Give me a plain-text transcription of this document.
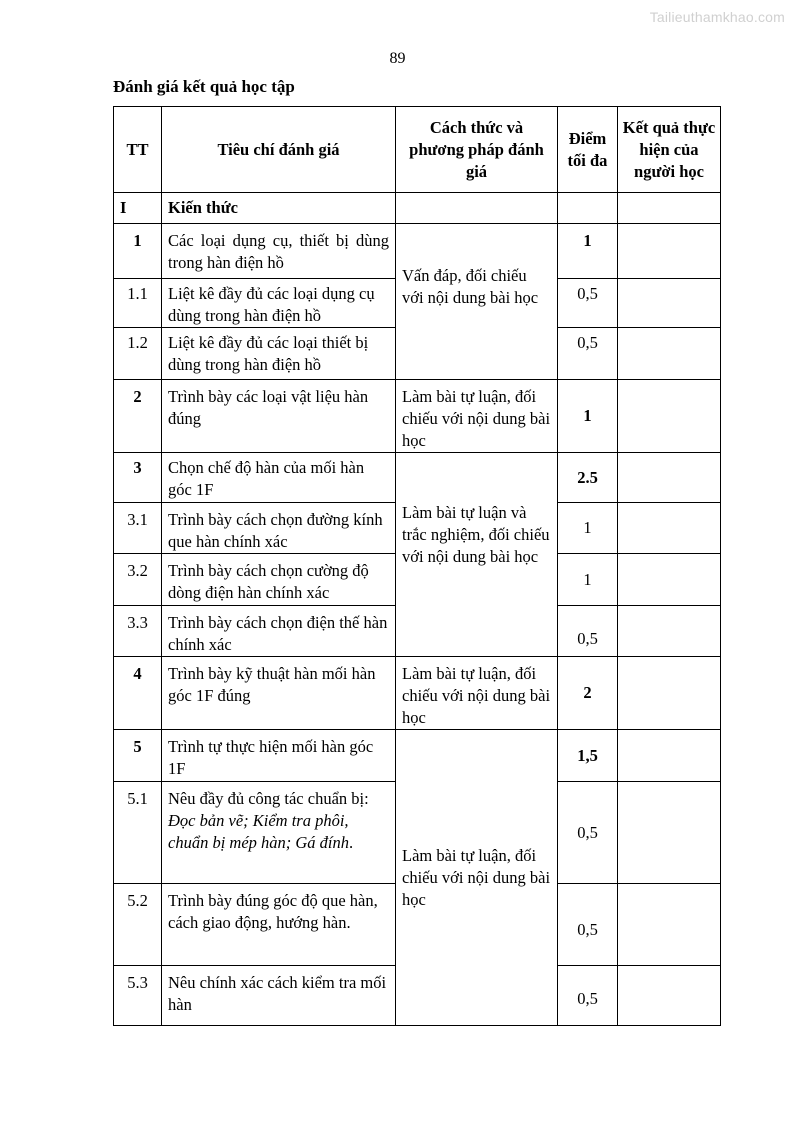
Tailieuthamkhao.com
89
Đánh giá kết quả học tập
TT	Tiêu chí đánh giá	Cách thức và phương pháp đánh giá	Điểm tối đa	Kết quả thực hiện của người học
I	Kiến thức			
1	Các loại dụng cụ, thiết bị dùng trong hàn điện hồ	Vấn đáp, đối chiếu với nội dung bài học	1	
1.1	Liệt kê đầy đủ các loại dụng cụ dùng trong hàn điện hồ		0,5	
1.2	Liệt kê đầy đủ các loại thiết bị dùng trong hàn điện hồ		0,5	
2	Trình bày các loại vật liệu hàn đúng	Làm bài tự luận, đối chiếu với nội dung bài học	1	
3	Chọn chế độ hàn của mối hàn góc 1F	Làm bài tự luận và trắc nghiệm, đối chiếu với nội dung bài học	2.5	
3.1	Trình bày cách chọn đường kính que hàn chính xác		1	
3.2	Trình bày cách chọn cường độ dòng điện hàn chính xác		1	
3.3	Trình bày cách chọn điện thế hàn chính xác		0,5	
4	Trình bày kỹ thuật hàn mối hàn góc 1F đúng	Làm bài tự luận, đối chiếu với nội dung bài học	2	
5	Trình tự thực hiện mối hàn góc 1F	Làm bài tự luận, đối chiếu với nội dung bài học	1,5	
5.1	Nêu đầy đủ công tác chuẩn bị: Đọc bản vẽ; Kiểm tra phôi, chuẩn bị mép hàn; Gá đính.		0,5	
5.2	Trình bày đúng góc độ que hàn, cách giao động, hướng hàn.		0,5	
5.3	Nêu chính xác cách kiểm tra mối hàn		0,5	
